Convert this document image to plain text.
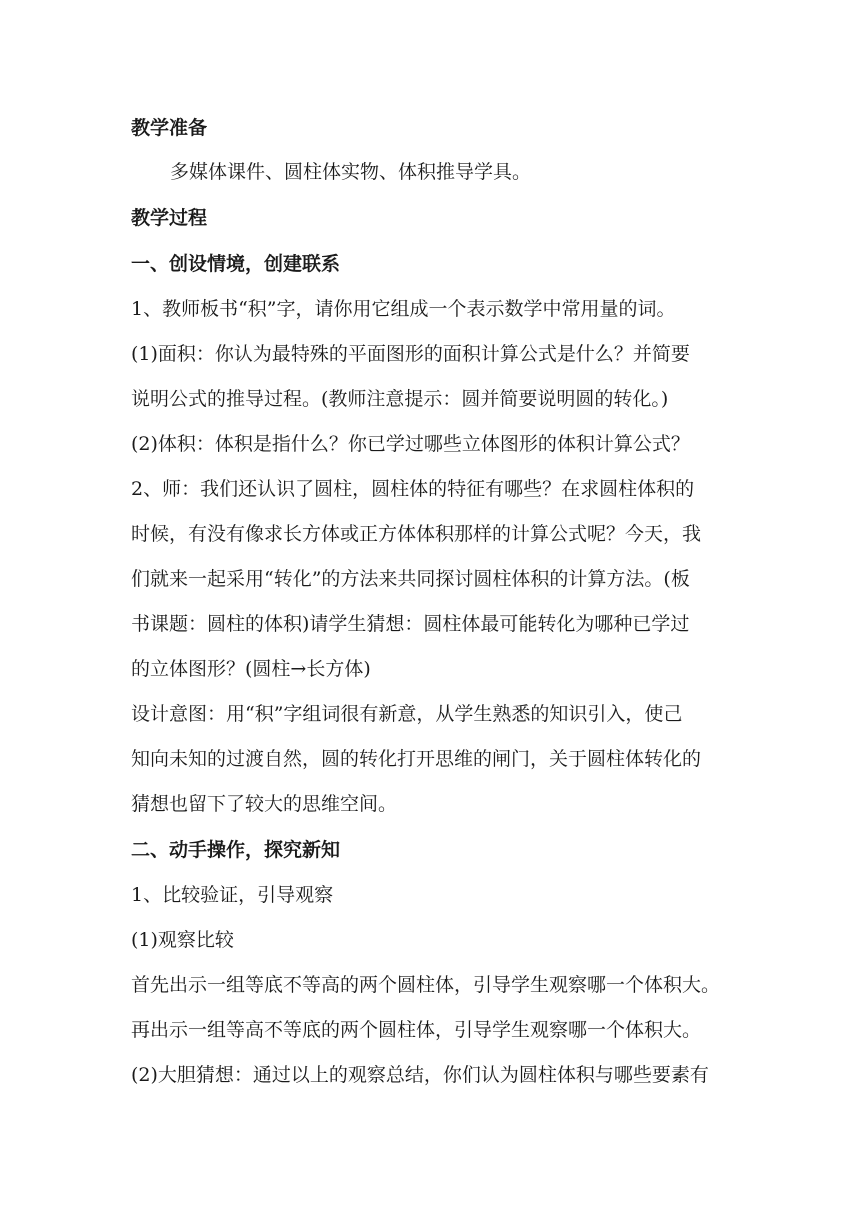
教学准备
多媒体课件、圆柱体实物、体积推导学具。
教学过程
一、创设情境，创建联系
1、教师板书“积”字，请你用它组成一个表示数学中常用量的词。
(1)面积：你认为最特殊的平面图形的面积计算公式是什么？并简要
说明公式的推导过程。(教师注意提示：圆并简要说明圆的转化。)
(2)体积：体积是指什么？你已学过哪些立体图形的体积计算公式？
2、师：我们还认识了圆柱，圆柱体的特征有哪些？在求圆柱体积的
时候，有没有像求长方体或正方体体积那样的计算公式呢？今天，我
们就来一起采用“转化”的方法来共同探讨圆柱体积的计算方法。(板
书课题：圆柱的体积)请学生猜想：圆柱体最可能转化为哪种已学过
的立体图形？(圆柱→长方体)
设计意图：用“积”字组词很有新意，从学生熟悉的知识引入，使己
知向未知的过渡自然，圆的转化打开思维的闸门，关于圆柱体转化的
猜想也留下了较大的思维空间。
二、动手操作，探究新知
1、比较验证，引导观察
(1)观察比较
首先出示一组等底不等高的两个圆柱体，引导学生观察哪一个体积大。
再出示一组等高不等底的两个圆柱体，引导学生观察哪一个体积大。
(2)大胆猜想：通过以上的观察总结，你们认为圆柱体积与哪些要素有
